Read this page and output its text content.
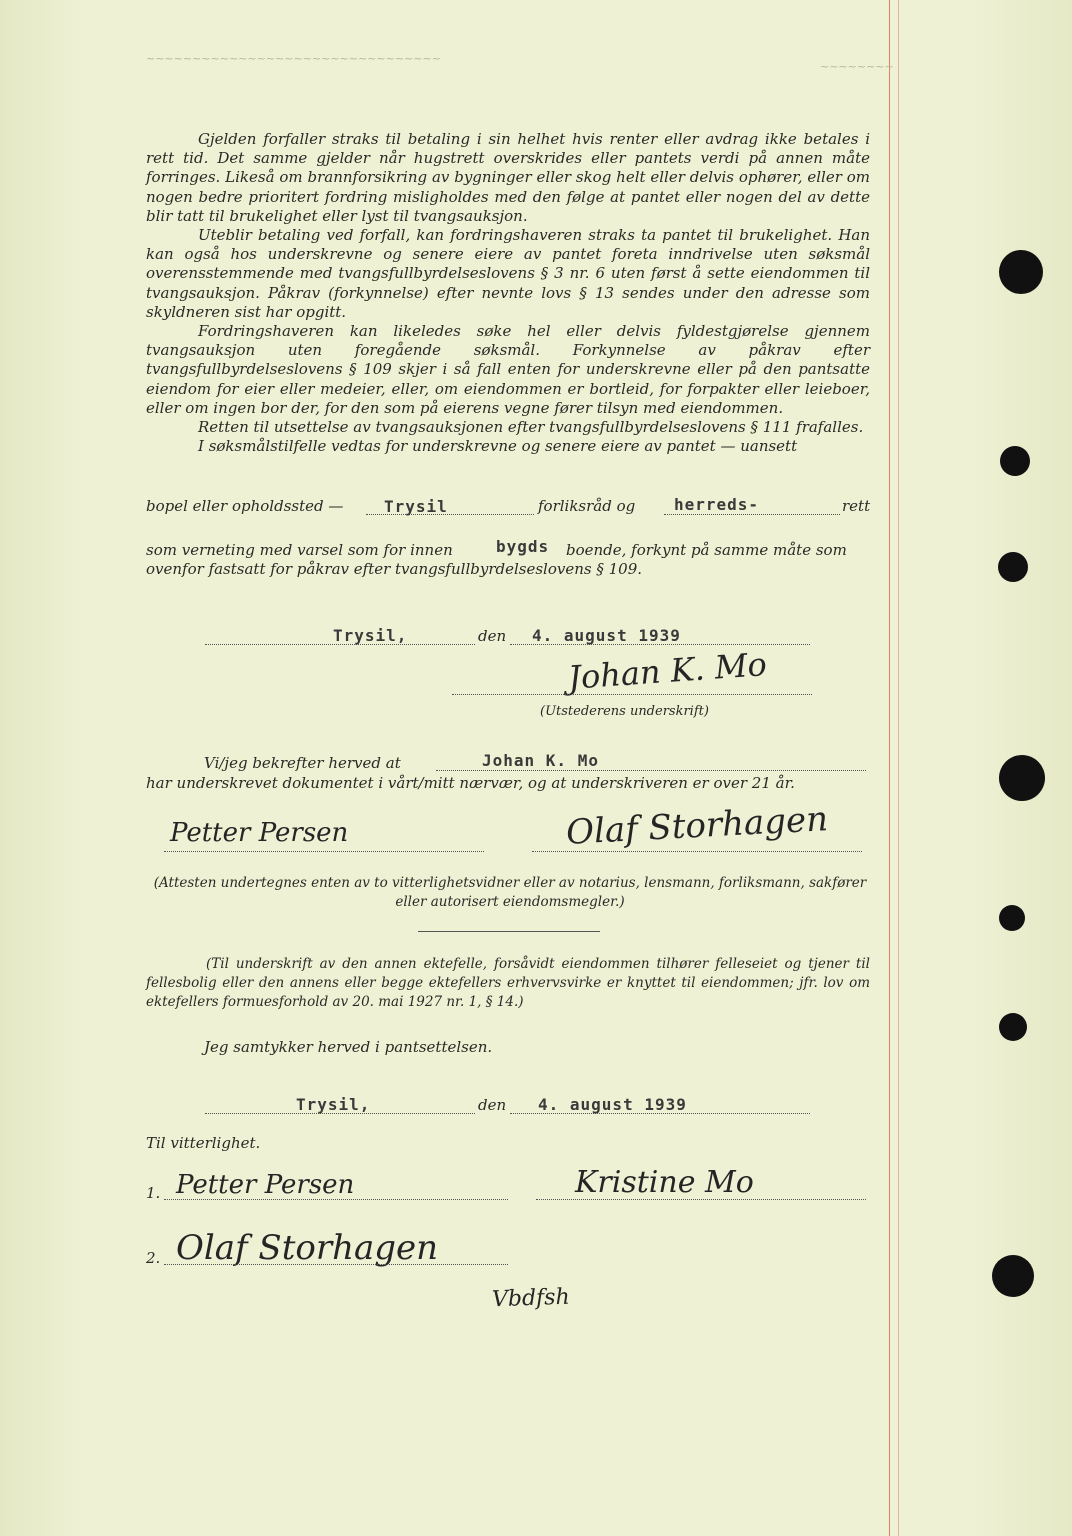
~~~~~~~~~~~~~~~~~~~~~~~~~~~~~~~~
~~~~~~~~

Gjelden forfaller straks til betaling i sin helhet hvis renter eller avdrag ikke betales i rett tid. Det samme gjelder når hugstrett overskrides eller pantets verdi på annen måte forringes. Likeså om brannforsikring av bygninger eller skog helt eller delvis ophører, eller om nogen bedre prioritert fordring misligholdes med den følge at pantet eller nogen del av dette blir tatt til brukelighet eller lyst til tvangsauksjon.

Uteblir betaling ved forfall, kan fordringshaveren straks ta pantet til brukelighet. Han kan også hos underskrevne og senere eiere av pantet foreta inndrivelse uten søksmål overensstemmende med tvangsfullbyrdelseslovens § 3 nr. 6 uten først å sette eiendommen til tvangsauksjon. Påkrav (forkynnelse) efter nevnte lovs § 13 sendes under den adresse som skyldneren sist har opgitt.

Fordringshaveren kan likeledes søke hel eller delvis fyldestgjørelse gjennem tvangsauksjon uten foregående søksmål. Forkynnelse av påkrav efter tvangsfullbyrdelseslovens § 109 skjer i så fall enten for underskrevne eller på den pantsatte eiendom for eier eller medeier, eller, om eiendommen er bortleid, for forpakter eller leieboer, eller om ingen bor der, for den som på eierens vegne fører tilsyn med eiendommen.

Retten til utsettelse av tvangsauksjonen efter tvangsfullbyrdelseslovens § 111 frafalles.

I søksmålstilfelle vedtas for underskrevne og senere eiere av pantet — uansett

bopel eller opholdssted —	Trysil	forliksråd og herreds-	rett
som verneting med varsel som for innen	bygds boende, forkynt på samme måte som
ovenfor fastsatt for påkrav efter tvangsfullbyrdelseslovens § 109.
Trysil,	den 4. august 1939
Johan K. Mo
(Utstederens underskrift)
Vi/jeg bekrefter herved at	Johan K. Mo
har underskrevet dokumentet i vårt/mitt nærvær, og at underskriveren er over 21 år.
Petter Persen	Olaf Storhagen
(Attesten undertegnes enten av to vitterlighetsvidner eller av notarius, lensmann, forliksmann, sakfører eller autorisert eiendomsmegler.)
(Til underskrift av den annen ektefelle, forsåvidt eiendommen tilhører felleseiet og tjener til fellesbolig eller den annens eller begge ektefellers erhvervsvirke er knyttet til eiendommen; jfr. lov om ektefellers formuesforhold av 20. mai 1927 nr. 1, § 14.)
Jeg samtykker herved i pantsettelsen.
Trysil,	den 4. august 1939
Til vitterlighet.
1. Petter Persen	Kristine Mo
2. Olaf Storhagen
Vbdfsh
